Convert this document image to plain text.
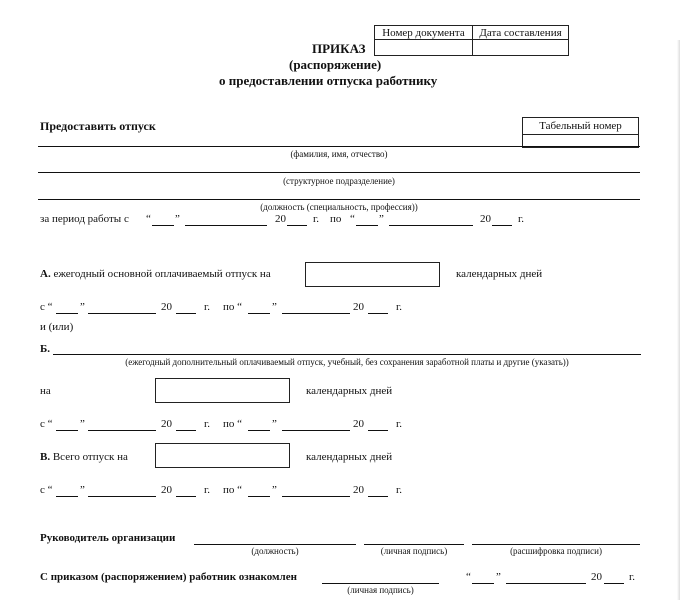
Номер документа	Дата составления
ПРИКАЗ
(распоряжение)
о предоставлении отпуска работнику
Предоставить отпуск	Табельный номер
(фамилия, имя, отчество)
(структурное подразделение)
(должность (специальность, профессия))
за период работы с “ ”	20 г. по “ ”	20 г.
А. ежегодный основной оплачиваемый отпуск на	календарных дней
с “ ”	20	г. по “	”	20	г.
и (или)
Б.
(ежегодный дополнительный оплачиваемый отпуск, учебный, без сохранения заработной платы и другие (указать))
на	календарных дней
с “ ”	20	г. по “	”	20	г.
В. Всего отпуск на	календарных дней
с “ ”	20	г. по “	”	20	г.
Руководитель организации
(должность)	(личная подпись)	(расшифровка подписи)
С приказом (распоряжением) работник ознакомлен
(личная подпись)
“ ”	20 г.
